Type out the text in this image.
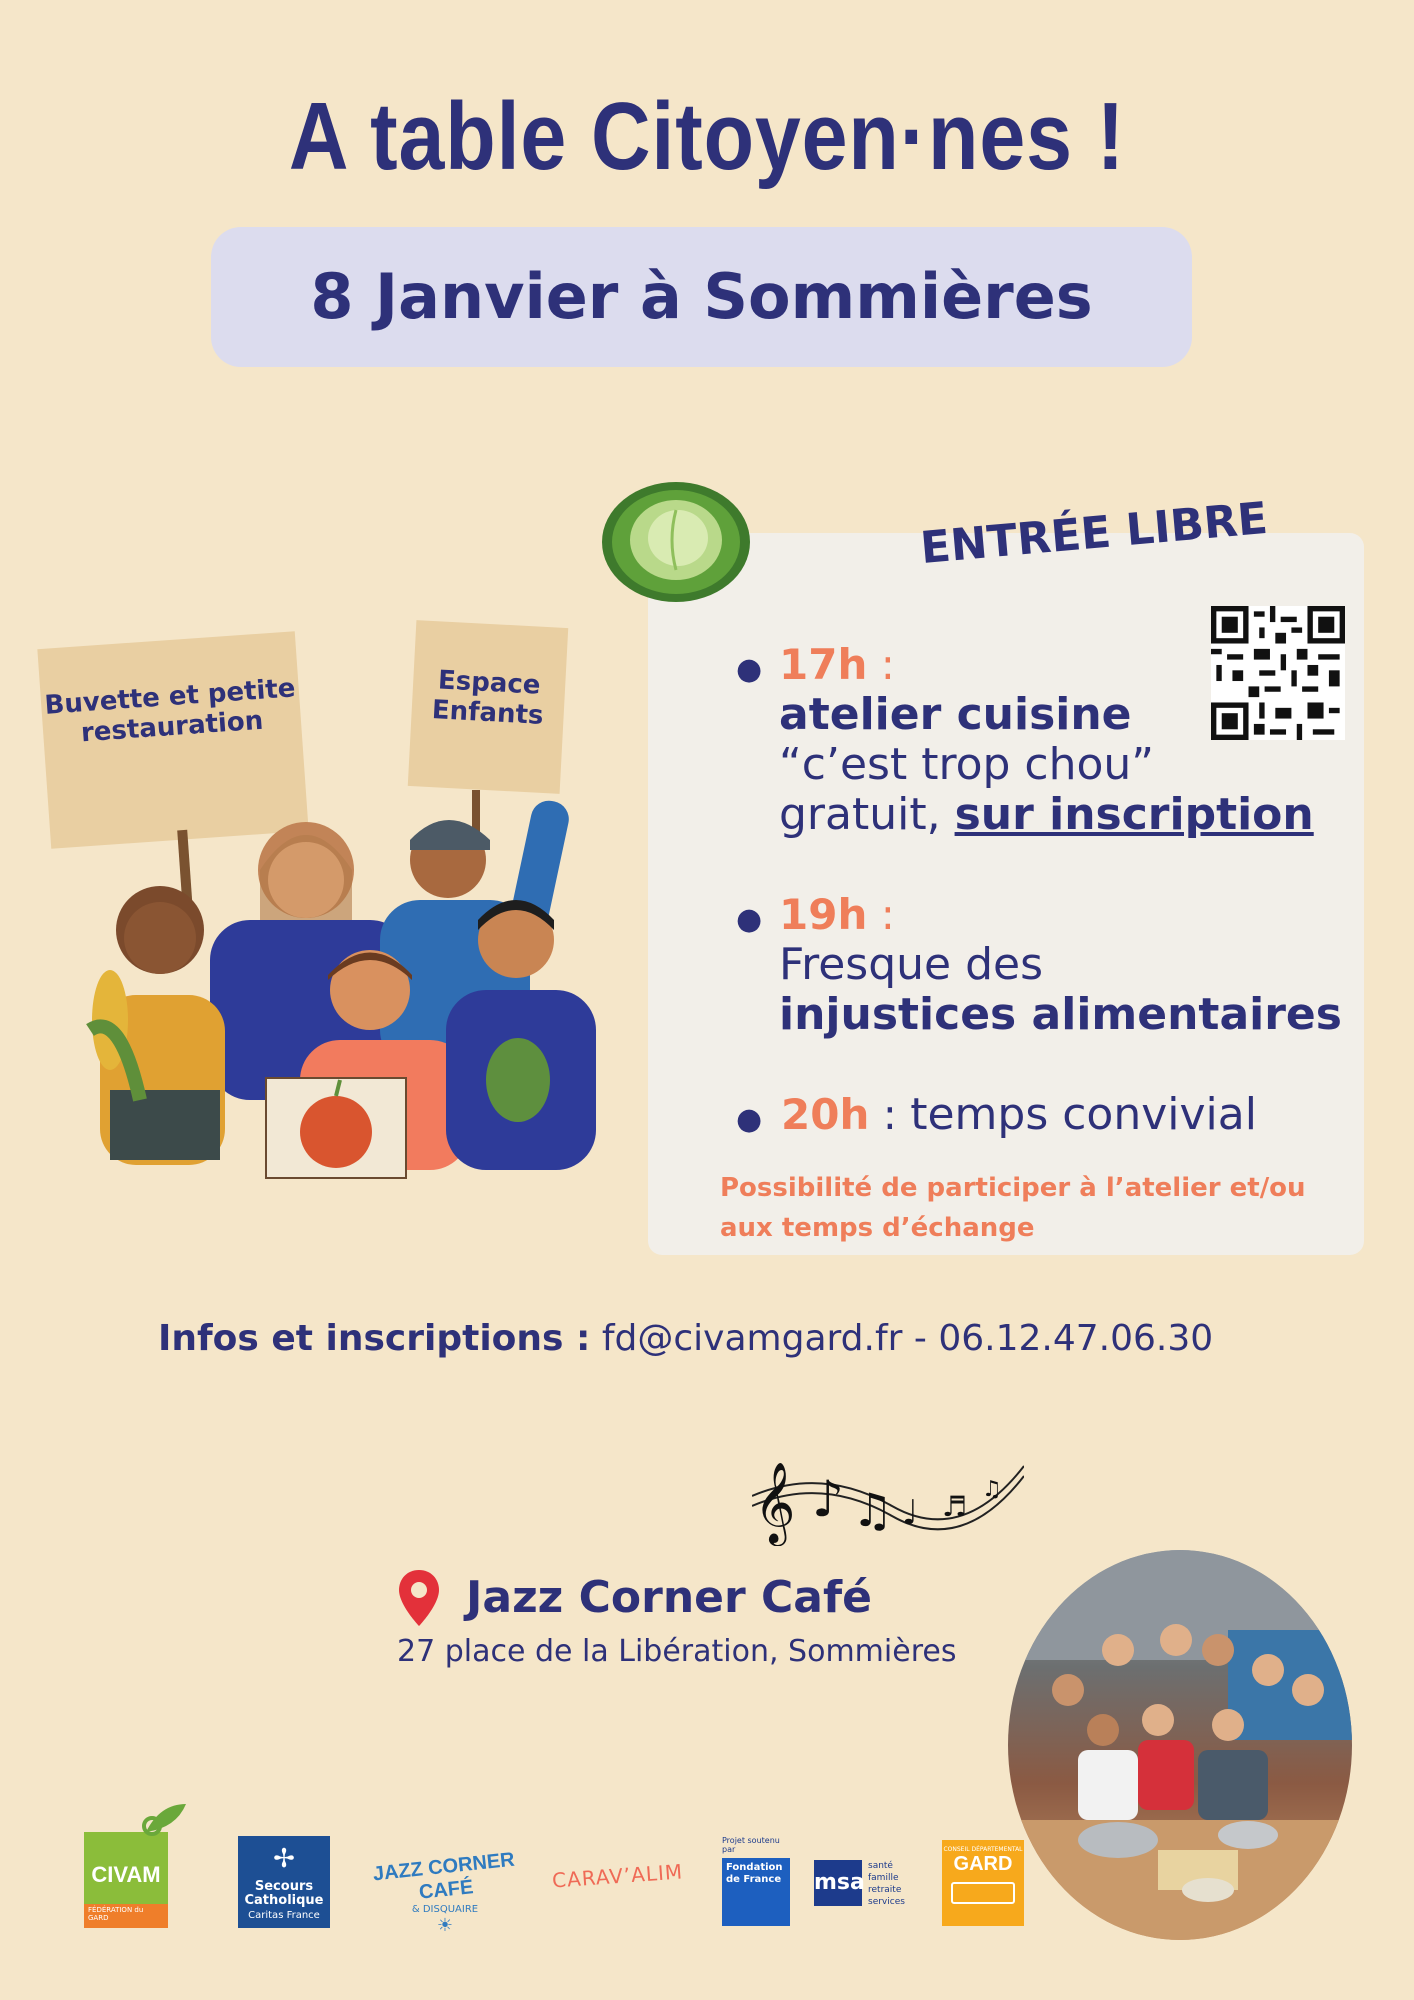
A table Citoyen·nes !
8 Janvier à Sommières
ENTRÉE LIBRE
● 17h :
atelier cuisine
“c’est trop chou”
gratuit, sur inscription
● 19h :
Fresque des
injustices alimentaires
● 20h : temps convivial
Possibilité de participer à l’atelier et/ou aux temps d’échange
Buvette et petite restauration
Espace Enfants
Infos et inscriptions : fd@civamgard.fr - 06.12.47.06.30
𝄞 ♪ ♫ ♩ ♬
♫
Jazz Corner Café
27 place de la Libération, Sommières
CIVAM
FÉDÉRATION du GARD
✢
Secours Catholique
Caritas France
JAZZ CORNER CAFÉ
& DISQUAIRE
☀
CARAV’ALIM
Projet soutenu par
Fondation de France	msa
santé famille retraite services
CONSEIL DÉPARTEMENTAL
GARD
